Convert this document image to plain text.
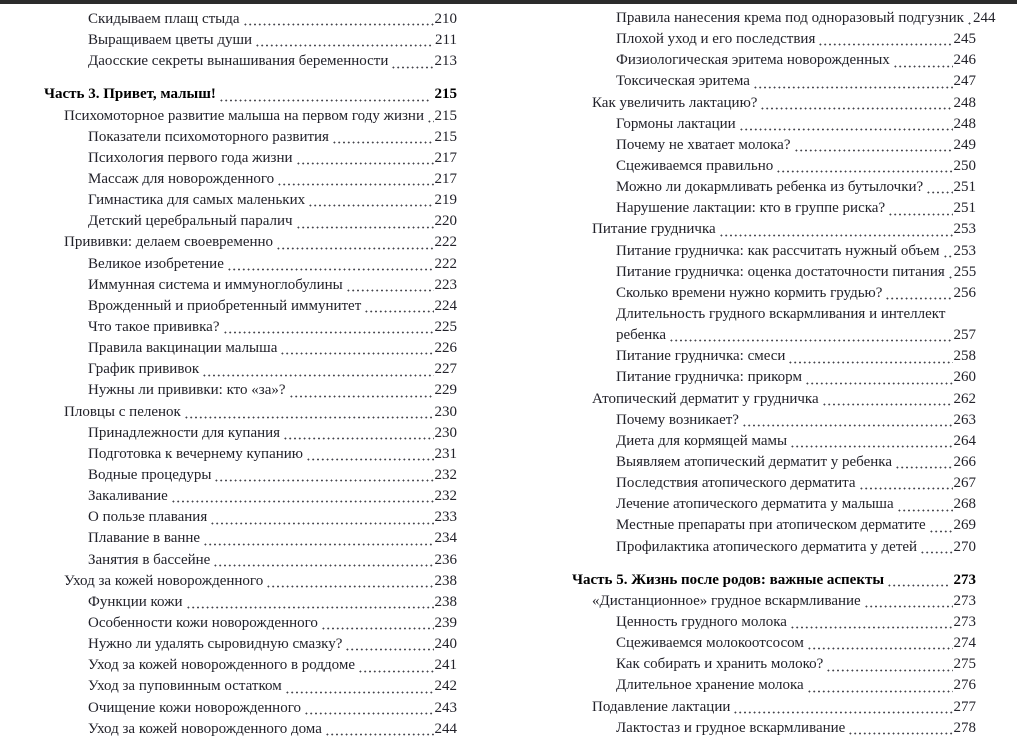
Скидываем плащ стыда	210
Выращиваем цветы души	211
Даосские секреты вынашивания беременности	213
Часть 3. Привет, малыш!	215
Психомоторное развитие малыша на первом году жизни 215
Показатели психомоторного развития	215
Психология первого года жизни	217
Массаж для новорожденного	217
Гимнастика для самых маленьких	219
Детский церебральный паралич	220
Прививки: делаем своевременно	222
Великое изобретение	222
Иммунная система и иммуноглобулины	223
Врожденный и приобретенный иммунитет	224
Что такое прививка?	225
Правила вакцинации малыша	226
График прививок	227
Нужны ли прививки: кто «за»?	229
Пловцы с пеленок	230
Принадлежности для купания	230
Подготовка к вечернему купанию	231
Водные процедуры	232
Закаливание	232
О пользе плавания	233
Плавание в ванне	234
Занятия в бассейне	236
Уход за кожей новорожденного	238
Функции кожи	238
Особенности кожи новорожденного	239
Нужно ли удалять сыровидную смазку?	240
Уход за кожей новорожденного в роддоме	241
Уход за пуповинным остатком	242
Очищение кожи новорожденного	243
Уход за кожей новорожденного дома	244
Правила нанесения крема под одноразовый подгузник 244
Плохой уход и его последствия	245
Физиологическая эритема новорожденных	246
Токсическая эритема	247
Как увеличить лактацию?	248
Гормоны лактации	248
Почему не хватает молока?	249
Сцеживаемся правильно	250
Можно ли докармливать ребенка из бутылочки? 251
Нарушение лактации: кто в группе риска?	251
Питание грудничка	253
Питание грудничка: как рассчитать нужный объем 253
Питание грудничка: оценка достаточности питания 255
Сколько времени нужно кормить грудью?	256
Длительность грудного вскармливания и интеллект
ребенка	257
Питание грудничка: смеси	258
Питание грудничка: прикорм	260
Атопический дерматит у грудничка	262
Почему возникает?	263
Диета для кормящей мамы	264
Выявляем атопический дерматит у ребенка	266
Последствия атопического дерматита	267
Лечение атопического дерматита у малыша	268
Местные препараты при атопическом дерматите 269
Профилактика атопического дерматита у детей 270
Часть 5. Жизнь после родов: важные аспекты	273
«Дистанционное» грудное вскармливание	273
Ценность грудного молока	273
Сцеживаемся молокоотсосом	274
Как собирать и хранить молоко?	275
Длительное хранение молока	276
Подавление лактации	277
Лактостаз и грудное вскармливание	278
